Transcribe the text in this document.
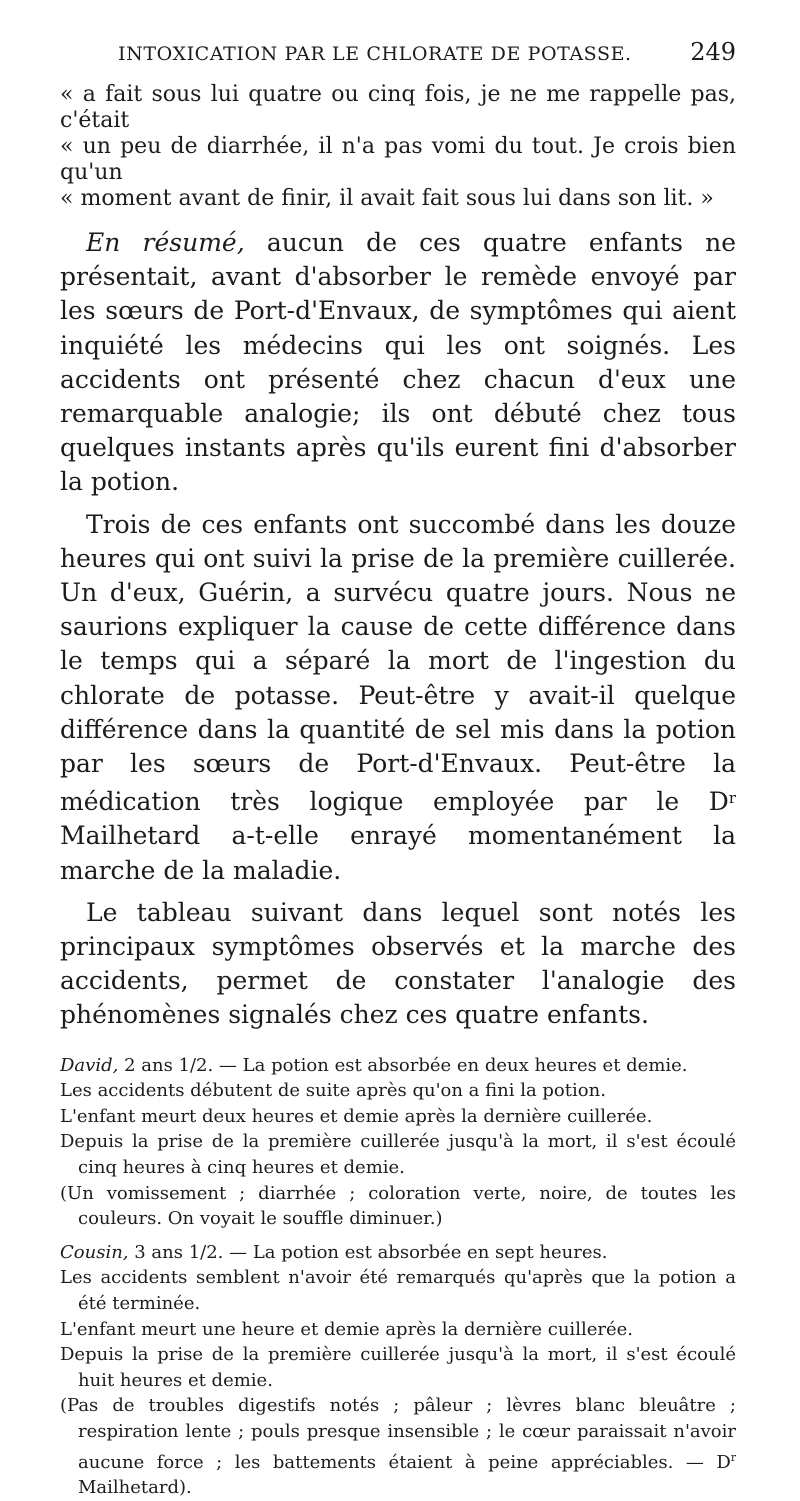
INTOXICATION PAR LE CHLORATE DE POTASSE. 249

« a fait sous lui quatre ou cinq fois, je ne me rappelle pas, c'était
« un peu de diarrhée, il n'a pas vomi du tout. Je crois bien qu'un
« moment avant de finir, il avait fait sous lui dans son lit. »

En résumé, aucun de ces quatre enfants ne présentait, avant d'absorber le remède envoyé par les sœurs de Port-d'Envaux, de symptômes qui aient inquiété les médecins qui les ont soignés. Les accidents ont présenté chez chacun d'eux une remarquable analogie; ils ont débuté chez tous quelques instants après qu'ils eurent fini d'absorber la potion.

Trois de ces enfants ont succombé dans les douze heures qui ont suivi la prise de la première cuillerée. Un d'eux, Guérin, a survécu quatre jours. Nous ne saurions expliquer la cause de cette différence dans le temps qui a séparé la mort de l'ingestion du chlorate de potasse. Peut-être y avait-il quelque différence dans la quantité de sel mis dans la potion par les sœurs de Port-d'Envaux. Peut-être la médication très logique employée par le $D^r$ Mailhetard a-t-elle enrayé momentanément la marche de la maladie.

Le tableau suivant dans lequel sont notés les principaux symptômes observés et la marche des accidents, permet de constater l'analogie des phénomènes signalés chez ces quatre enfants.

David, 2 ans 1/2. — La potion est absorbée en deux heures et demie.

Les accidents débutent de suite après qu'on a fini la potion.

L'enfant meurt deux heures et demie après la dernière cuillerée.

Depuis la prise de la première cuillerée jusqu'à la mort, il s'est écoulé cinq heures à cinq heures et demie.

(Un vomissement ; diarrhée ; coloration verte, noire, de toutes les couleurs. On voyait le souffle diminuer.)

Cousin, 3 ans 1/2. — La potion est absorbée en sept heures.

Les accidents semblent n'avoir été remarqués qu'après que la potion a été terminée.

L'enfant meurt une heure et demie après la dernière cuillerée.

Depuis la prise de la première cuillerée jusqu'à la mort, il s'est écoulé huit heures et demie.

(Pas de troubles digestifs notés ; pâleur ; lèvres blanc bleuâtre ; respiration lente ; pouls presque insensible ; le cœur paraissait n'avoir aucune force ; les battements étaient à peine appréciables. — $D^r$ Mailhetard).
